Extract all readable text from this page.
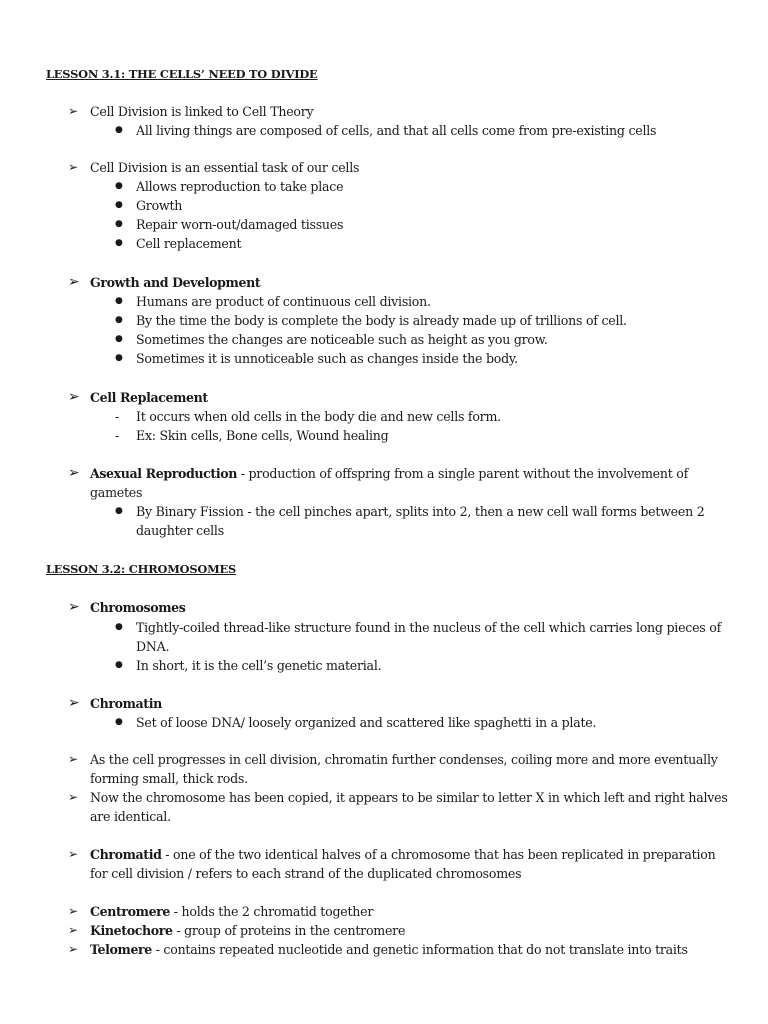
LESSON 3.1: THE CELLS’ NEED TO DIVIDE
➢ Cell Division is linked to Cell Theory
● All living things are composed of cells, and that all cells come from pre-existing cells
➢ Cell Division is an essential task of our cells
● Allows reproduction to take place
● Growth
● Repair worn-out/damaged tissues
● Cell replacement
➢ Growth and Development
● Humans are product of continuous cell division.
● By the time the body is complete the body is already made up of trillions of cell.
● Sometimes the changes are noticeable such as height as you grow.
● Sometimes it is unnoticeable such as changes inside the body.
➢ Cell Replacement
- It occurs when old cells in the body die and new cells form.
- Ex: Skin cells, Bone cells, Wound healing
➢ Asexual Reproduction - production of offspring from a single parent without the involvement of
gametes
● By Binary Fission - the cell pinches apart, splits into 2, then a new cell wall forms between 2
daughter cells
LESSON 3.2: CHROMOSOMES
➢ Chromosomes
● Tightly-coiled thread-like structure found in the nucleus of the cell which carries long pieces of
DNA.
● In short, it is the cell’s genetic material.
➢ Chromatin
● Set of loose DNA/ loosely organized and scattered like spaghetti in a plate.
➢ As the cell progresses in cell division, chromatin further condenses, coiling more and more eventually
forming small, thick rods.
➢ Now the chromosome has been copied, it appears to be similar to letter X in which left and right halves
are identical.
➢ Chromatid - one of the two identical halves of a chromosome that has been replicated in preparation
for cell division / refers to each strand of the duplicated chromosomes
➢ Centromere - holds the 2 chromatid together
➢ Kinetochore - group of proteins in the centromere
➢ Telomere - contains repeated nucleotide and genetic information that do not translate into traits
